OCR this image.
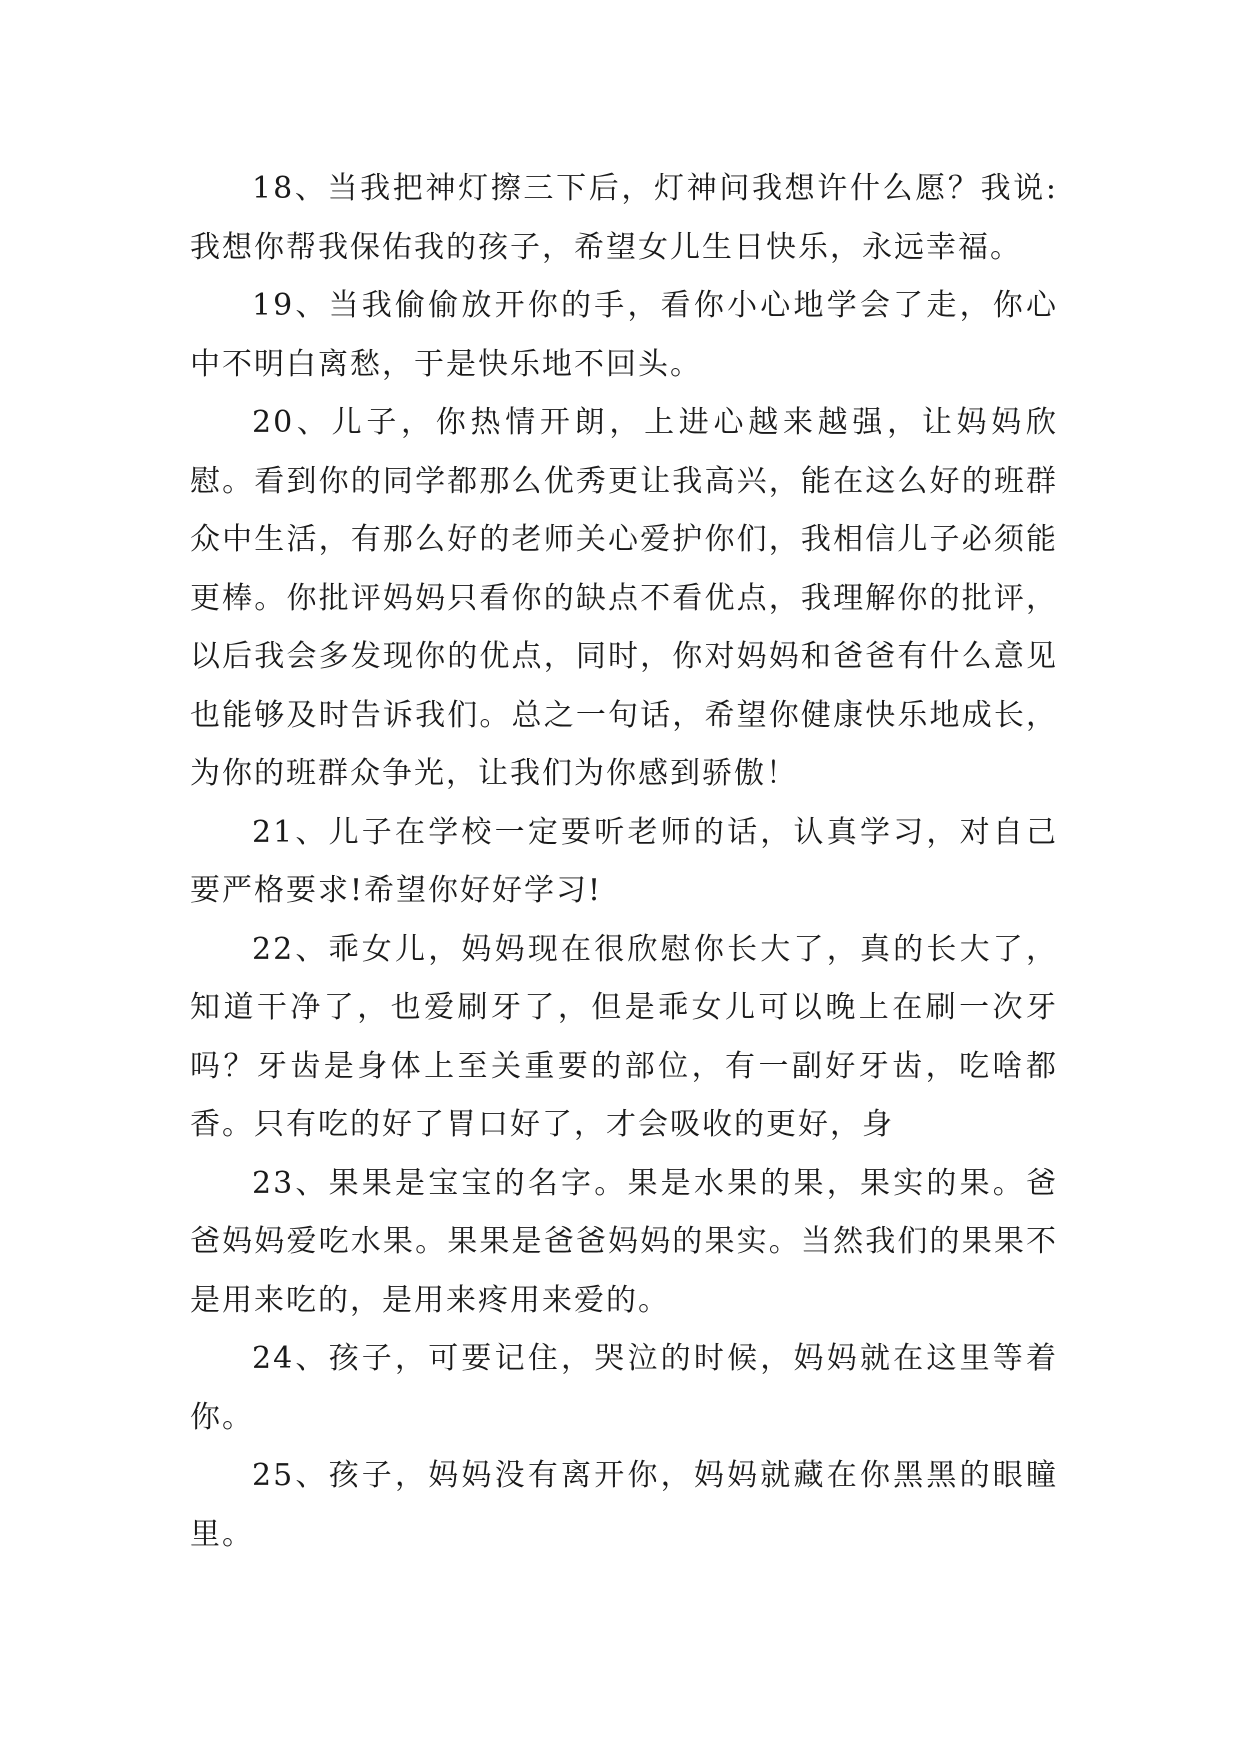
18、当我把神灯擦三下后，灯神问我想许什么愿？我说:我想你帮我保佑我的孩子，希望女儿生日快乐，永远幸福。

19、当我偷偷放开你的手，看你小心地学会了走，你心中不明白离愁，于是快乐地不回头。

20、儿子，你热情开朗，上进心越来越强，让妈妈欣慰。看到你的同学都那么优秀更让我高兴，能在这么好的班群众中生活，有那么好的老师关心爱护你们，我相信儿子必须能更棒。你批评妈妈只看你的缺点不看优点，我理解你的批评，以后我会多发现你的优点，同时，你对妈妈和爸爸有什么意见也能够及时告诉我们。总之一句话，希望你健康快乐地成长，为你的班群众争光，让我们为你感到骄傲！

21、儿子在学校一定要听老师的话，认真学习，对自己要严格要求!希望你好好学习!

22、乖女儿，妈妈现在很欣慰你长大了，真的长大了，知道干净了，也爱刷牙了，但是乖女儿可以晚上在刷一次牙吗？牙齿是身体上至关重要的部位，有一副好牙齿，吃啥都香。只有吃的好了胃口好了，才会吸收的更好，身

23、果果是宝宝的名字。果是水果的果，果实的果。爸爸妈妈爱吃水果。果果是爸爸妈妈的果实。当然我们的果果不是用来吃的，是用来疼用来爱的。

24、孩子，可要记住，哭泣的时候，妈妈就在这里等着你。

25、孩子，妈妈没有离开你，妈妈就藏在你黑黑的眼瞳里。
